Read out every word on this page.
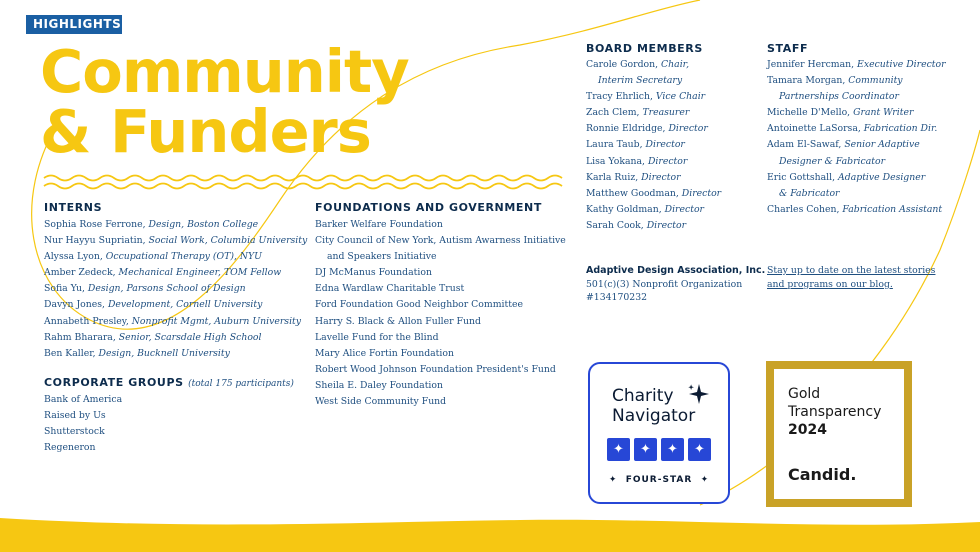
HIGHLIGHTS
Community
& Funders
INTERNS
Sophia Rose Ferrone, Design, Boston College
Nur Hayyu Supriatin, Social Work, Columbia University
Alyssa Lyon, Occupational Therapy (OT), NYU
Amber Zedeck, Mechanical Engineer, TOM Fellow
Sofia Yu, Design, Parsons School of Design
Davyn Jones, Development, Cornell University
Annabeth Presley, Nonprofit Mgmt, Auburn University
Rahm Bharara, Senior, Scarsdale High School
Ben Kaller, Design, Bucknell University
CORPORATE GROUPS (total 175 participants)
Bank of America
Raised by Us
Shutterstock
Regeneron
FOUNDATIONS AND GOVERNMENT
Barker Welfare Foundation
City Council of New York, Autism Awarness Initiative
and Speakers Initiative
DJ McManus Foundation
Edna Wardlaw Charitable Trust
Ford Foundation Good Neighbor Committee
Harry S. Black & Allon Fuller Fund
Lavelle Fund for the Blind
Mary Alice Fortin Foundation
Robert Wood Johnson Foundation President's Fund
Sheila E. Daley Foundation
West Side Community Fund
BOARD MEMBERS
Carole Gordon, Chair,
Interim Secretary
Tracy Ehrlich, Vice Chair
Zach Clem, Treasurer
Ronnie Eldridge, Director
Laura Taub, Director
Lisa Yokana, Director
Karla Ruiz, Director
Matthew Goodman, Director
Kathy Goldman, Director
Sarah Cook, Director
STAFF
Jennifer Hercman, Executive Director
Tamara Morgan, Community
Partnerships Coordinator
Michelle D'Mello, Grant Writer
Antoinette LaSorsa, Fabrication Dir.
Adam El-Sawaf, Senior Adaptive
Designer & Fabricator
Eric Gottshall, Adaptive Designer
& Fabricator
Charles Cohen, Fabrication Assistant
Adaptive Design Association, Inc.
501(c)(3) Nonprofit Organization
#134170232
Stay up to date on the latest stories
and programs on our blog.
Charity
Navigator
✦	✦	✦	✦
✦ FOUR-STAR ✦
Gold
Transparency
2024
Candid.
